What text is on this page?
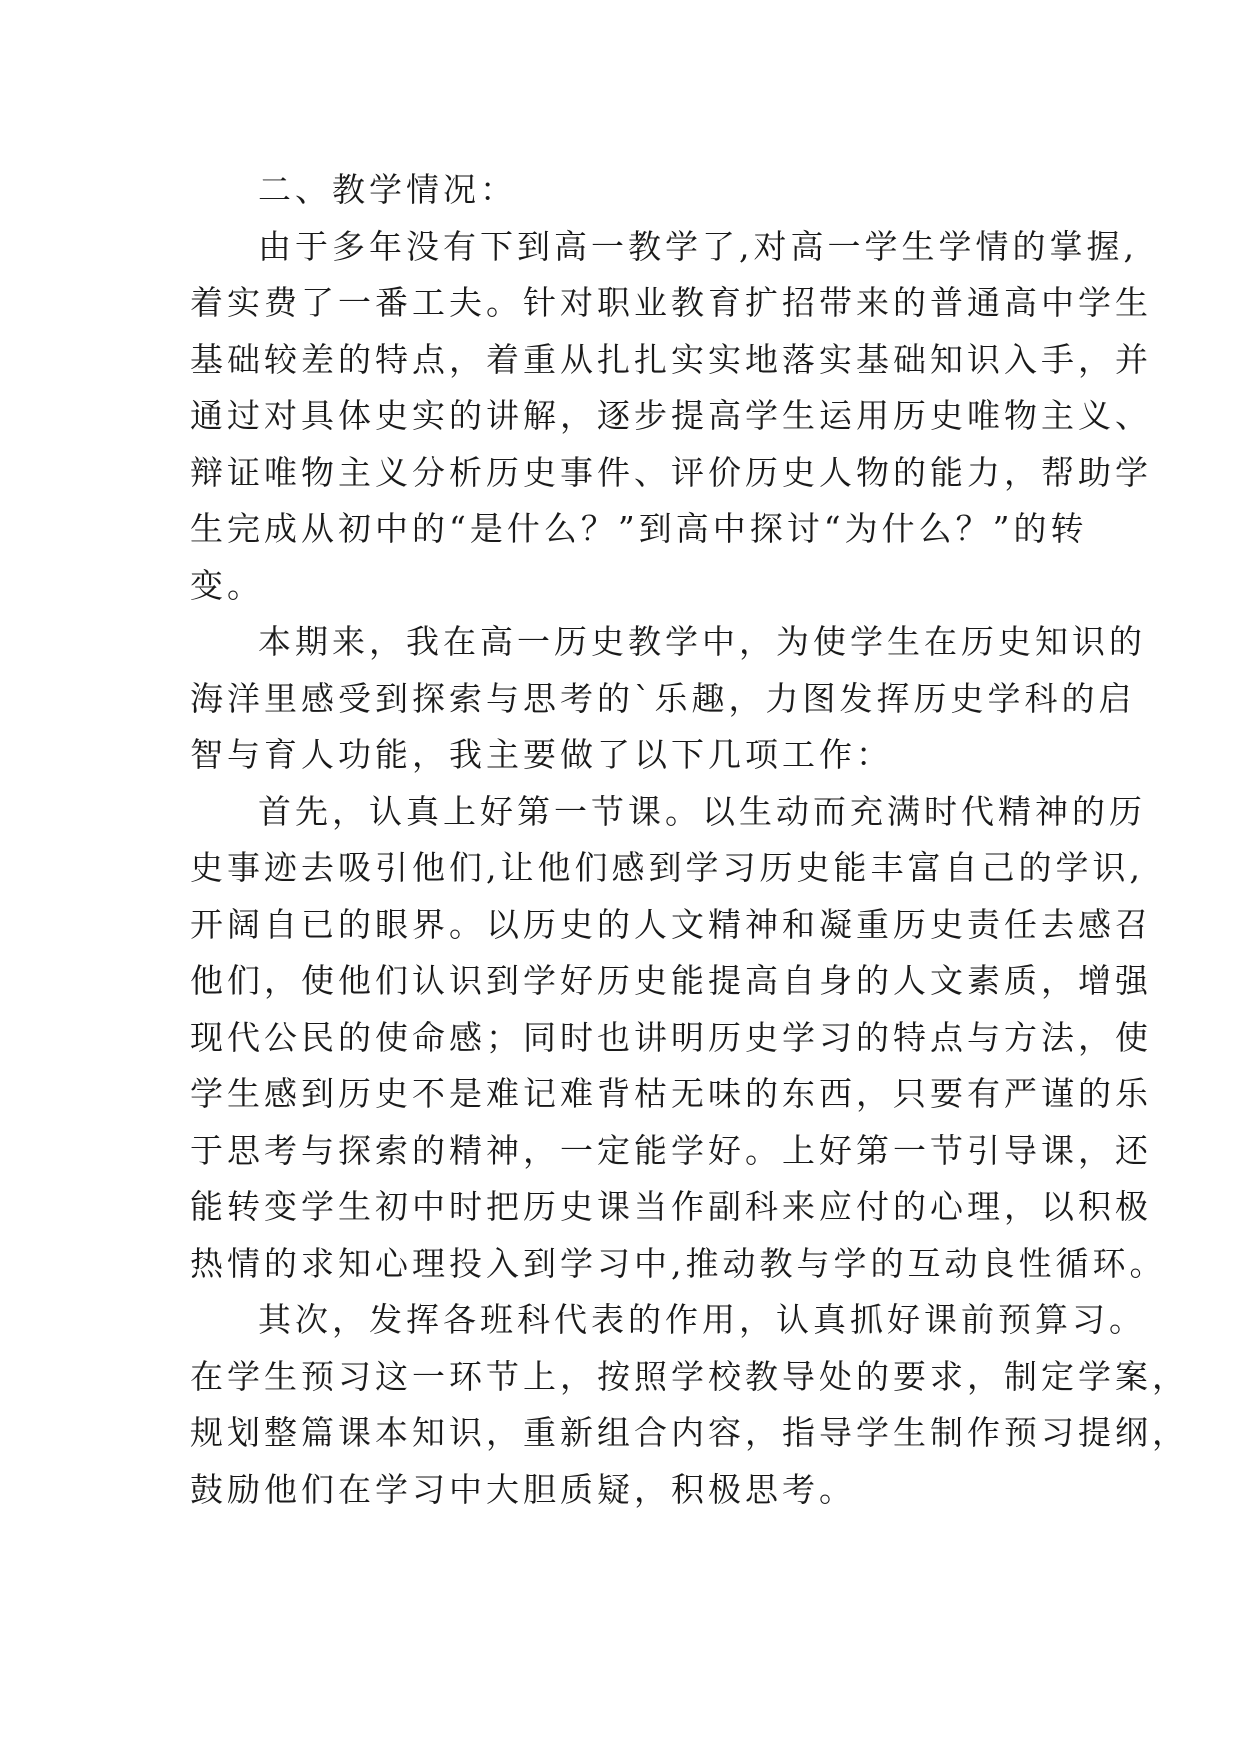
二、教学情况：
由于多年没有下到高一教学了,对高一学生学情的掌握,
着实费了一番工夫。针对职业教育扩招带来的普通高中学生
基础较差的特点，着重从扎扎实实地落实基础知识入手，并
通过对具体史实的讲解，逐步提高学生运用历史唯物主义、
辩证唯物主义分析历史事件、评价历史人物的能力，帮助学
生完成从初中的“是什么？”到高中探讨“为什么？”的转
变。
本期来，我在高一历史教学中，为使学生在历史知识的
海洋里感受到探索与思考的`乐趣，力图发挥历史学科的启
智与育人功能，我主要做了以下几项工作：
首先，认真上好第一节课。以生动而充满时代精神的历
史事迹去吸引他们,让他们感到学习历史能丰富自己的学识,
开阔自已的眼界。以历史的人文精神和凝重历史责任去感召
他们，使他们认识到学好历史能提高自身的人文素质，增强
现代公民的使命感；同时也讲明历史学习的特点与方法，使
学生感到历史不是难记难背枯无味的东西，只要有严谨的乐
于思考与探索的精神，一定能学好。上好第一节引导课，还
能转变学生初中时把历史课当作副科来应付的心理，以积极
热情的求知心理投入到学习中,推动教与学的互动良性循环。
其次，发挥各班科代表的作用，认真抓好课前预算习。
在学生预习这一环节上，按照学校教导处的要求，制定学案，
规划整篇课本知识，重新组合内容，指导学生制作预习提纲，
鼓励他们在学习中大胆质疑，积极思考。
